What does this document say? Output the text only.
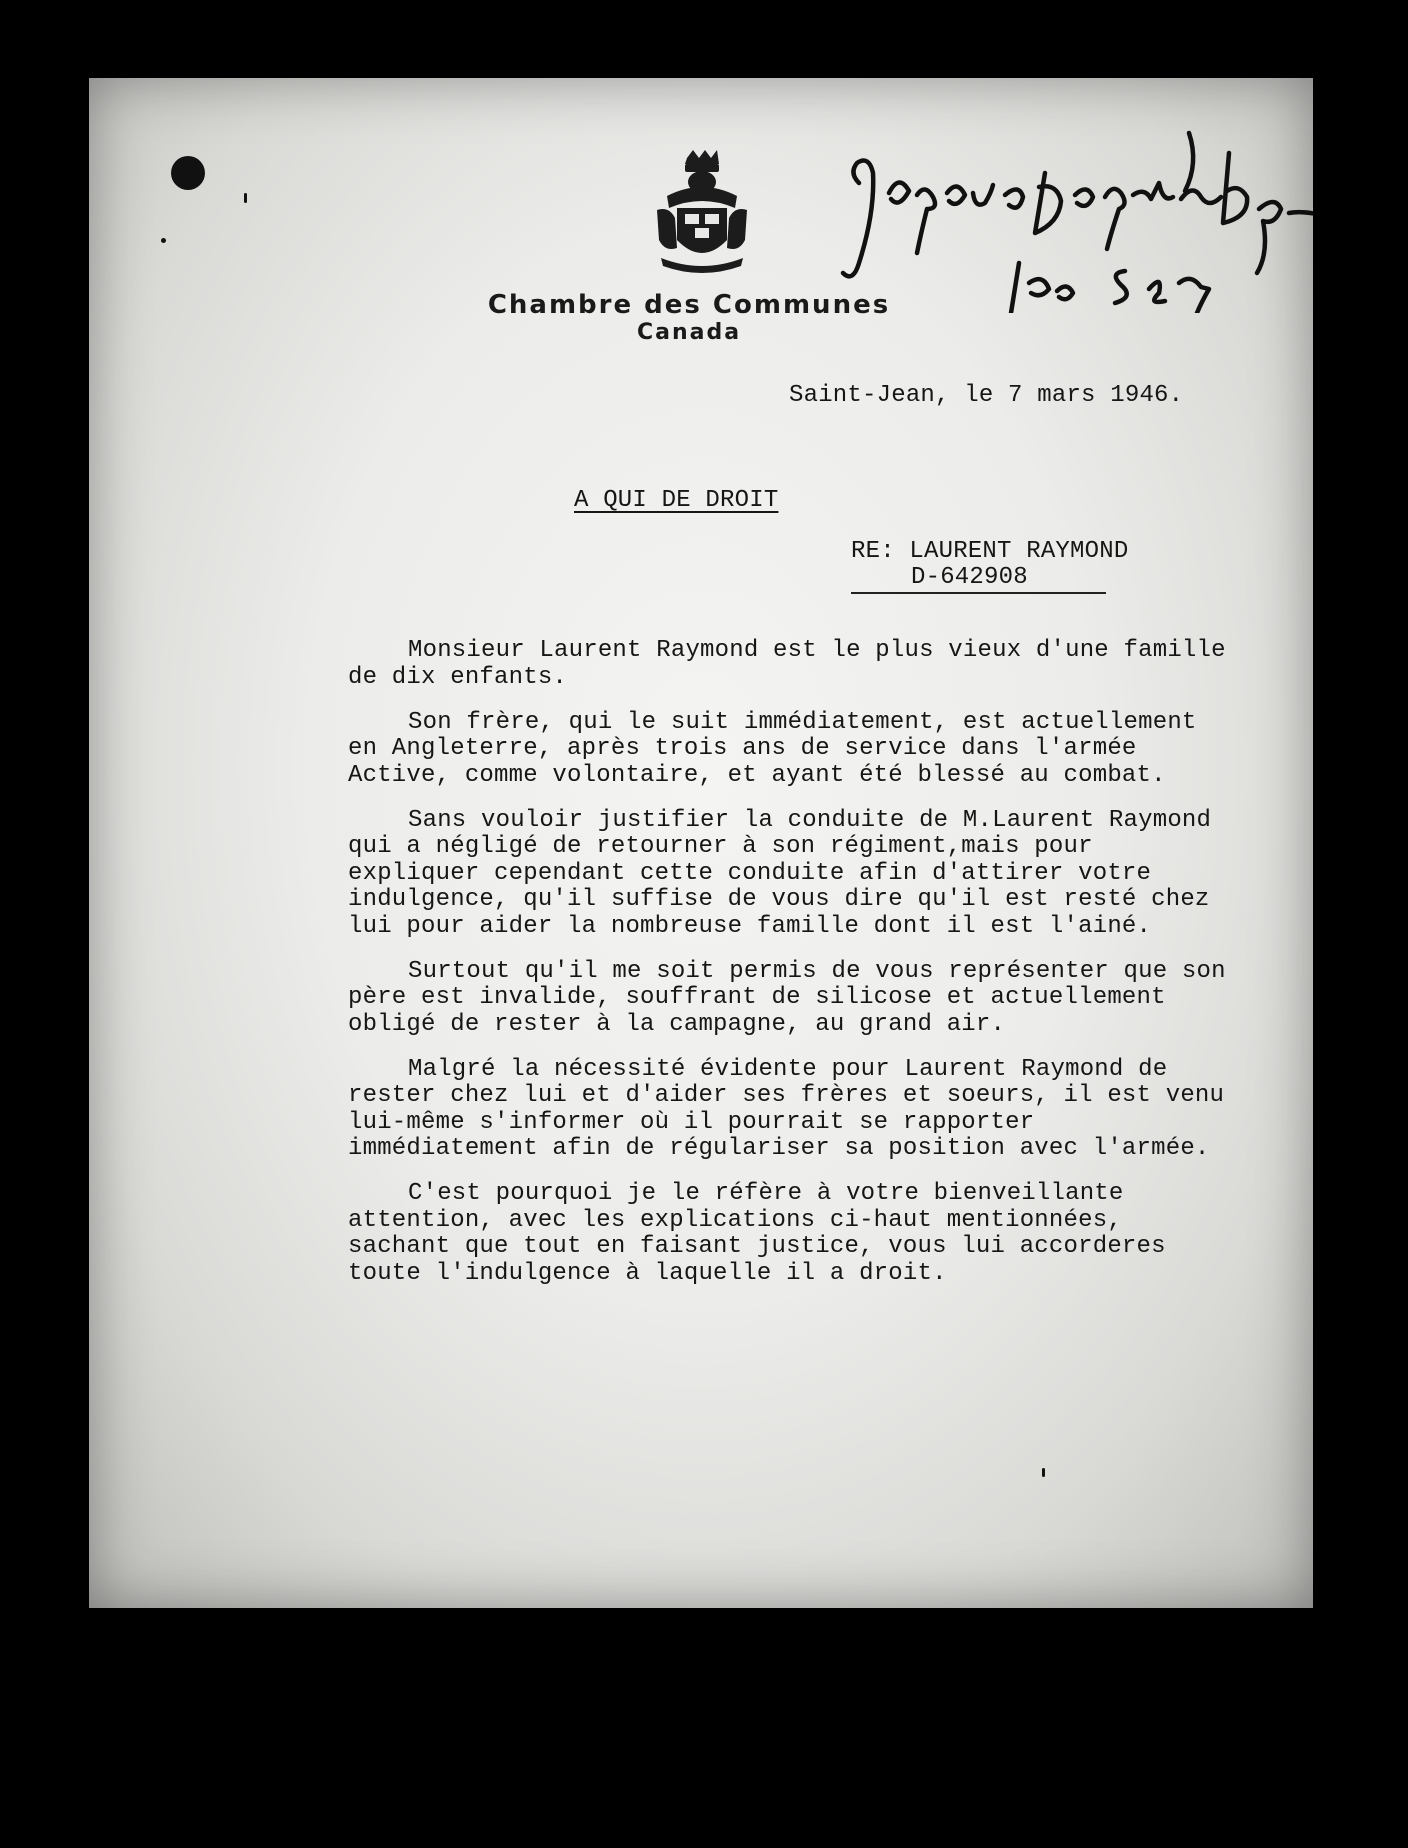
Chambre des Communes
Canada
Saint-Jean, le 7 mars 1946.
A QUI DE DROIT
RE: LAURENT RAYMOND
D-642908

Monsieur Laurent Raymond est le plus vieux d'une famille de dix enfants.

Son frère, qui le suit immédiatement, est actuellement en Angleterre, après trois ans de service dans l'armée Active, comme volontaire, et ayant été blessé au combat.

Sans vouloir justifier la conduite de M.Laurent Raymond qui a négligé de retourner à son régiment,mais pour expliquer cependant cette conduite afin d'attirer votre indulgence, qu'il suffise de vous dire qu'il est resté chez lui pour aider la nombreuse famille dont il est l'ainé.

Surtout qu'il me soit permis de vous représenter que son père est invalide, souffrant de silicose et actuellement obligé de rester à la campagne, au grand air.

Malgré la nécessité évidente pour Laurent Raymond de rester chez lui et d'aider ses frères et soeurs, il est venu lui-même s'informer où il pourrait se rapporter immédiatement afin de régulariser sa position avec l'armée.

C'est pourquoi je le réfère à votre bienveillante attention, avec les explications ci-haut mentionnées, sachant que tout en faisant justice, vous lui accorderes toute l'indulgence à laquelle il a droit.
